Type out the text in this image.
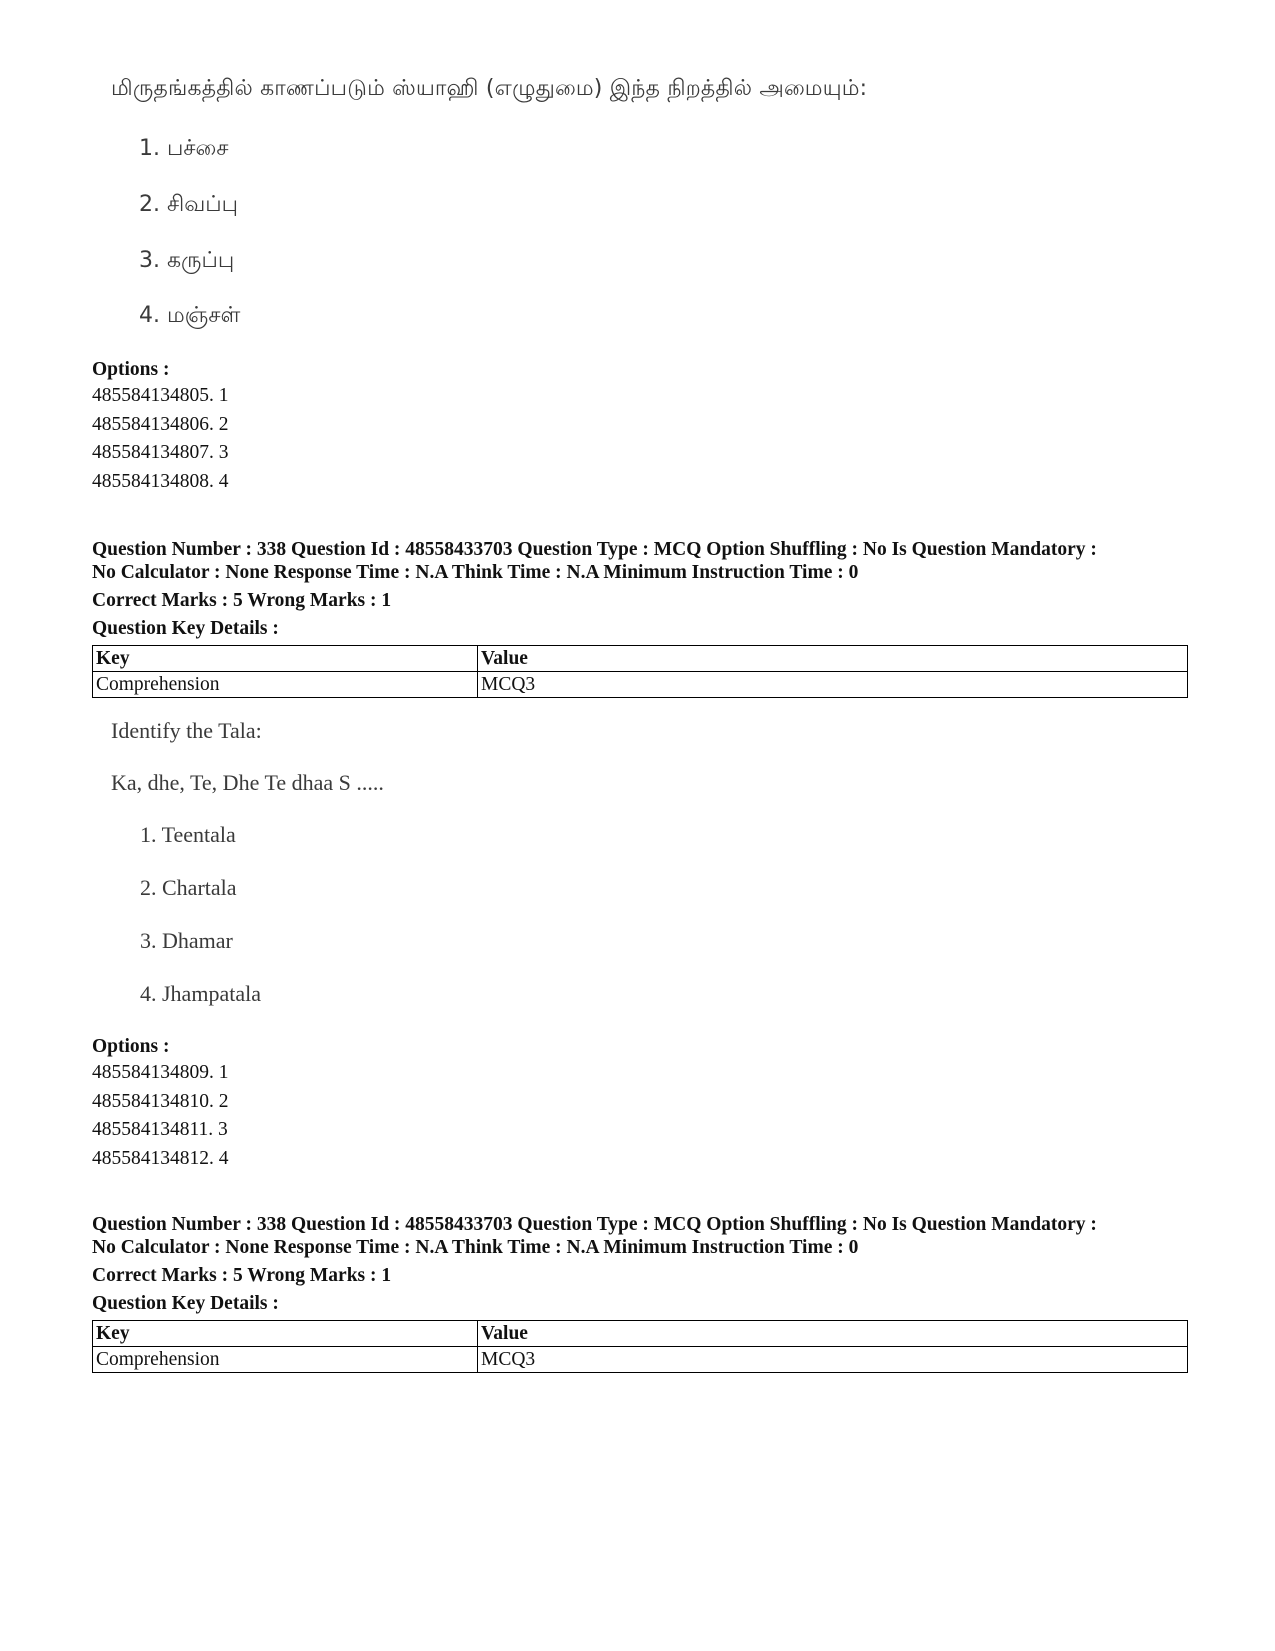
மிருதங்கத்தில் காணப்படும் ஸ்யாஹி (எழுதுமை) இந்த நிறத்தில் அமையும்:
1. பச்சை
2. சிவப்பு
3. கருப்பு
4. மஞ்சள்
Options :
485584134805. 1
485584134806. 2
485584134807. 3
485584134808. 4
Question Number : 338 Question Id : 48558433703 Question Type : MCQ Option Shuffling : No Is Question Mandatory :
No Calculator : None Response Time : N.A Think Time : N.A Minimum Instruction Time : 0
Correct Marks : 5 Wrong Marks : 1
Question Key Details :
Key	Value
Comprehension	MCQ3
Identify the Tala:
Ka, dhe, Te, Dhe Te dhaa S .....
1. Teentala
2. Chartala
3. Dhamar
4. Jhampatala
Options :
485584134809. 1
485584134810. 2
485584134811. 3
485584134812. 4
Question Number : 338 Question Id : 48558433703 Question Type : MCQ Option Shuffling : No Is Question Mandatory :
No Calculator : None Response Time : N.A Think Time : N.A Minimum Instruction Time : 0
Correct Marks : 5 Wrong Marks : 1
Question Key Details :
Key	Value
Comprehension	MCQ3
